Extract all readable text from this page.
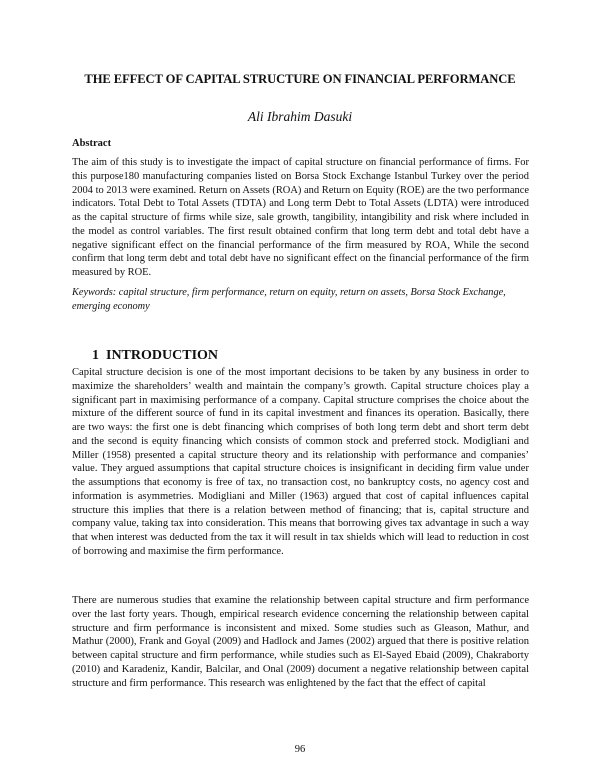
THE EFFECT OF CAPITAL STRUCTURE ON FINANCIAL PERFORMANCE
Ali Ibrahim Dasuki
Abstract

The aim of this study is to investigate the impact of capital structure on financial performance of firms. For this purpose180 manufacturing companies listed on Borsa Stock Exchange Istanbul Turkey over the period 2004 to 2013 were examined. Return on Assets (ROA) and Return on Equity (ROE) are the two performance indicators. Total Debt to Total Assets (TDTA) and Long term Debt to Total Assets (LDTA) were introduced as the capital structure of firms while size, sale growth, tangibility, intangibility and risk where included in the model as control variables. The first result obtained confirm that long term debt and total debt have a negative significant effect on the financial performance of the firm measured by ROA, While the second confirm that long term debt and total debt have no significant effect on the financial performance of the firm measured by ROE.

Keywords: capital structure, firm performance, return on equity, return on assets, Borsa Stock Exchange, emerging economy
1 INTRODUCTION

Capital structure decision is one of the most important decisions to be taken by any business in order to maximize the shareholders’ wealth and maintain the company’s growth. Capital structure choices play a significant part in maximising performance of a company. Capital structure comprises the choice about the mixture of the different source of fund in its capital investment and finances its operation. Basically, there are two ways: the first one is debt financing which comprises of both long term debt and short term debt and the second is equity financing which consists of common stock and preferred stock. Modigliani and Miller (1958) presented a capital structure theory and its relationship with performance and companies’ value. They argued assumptions that capital structure choices is insignificant in deciding firm value under the assumptions that economy is free of tax, no transaction cost, no bankruptcy costs, no agency cost and information is asymmetries. Modigliani and Miller (1963) argued that cost of capital influences capital structure this implies that there is a relation between method of financing; that is, capital structure and company value, taking tax into consideration. This means that borrowing gives tax advantage in such a way that when interest was deducted from the tax it will result in tax shields which will lead to reduction in cost of borrowing and maximise the firm performance.

There are numerous studies that examine the relationship between capital structure and firm performance over the last forty years. Though, empirical research evidence concerning the relationship between capital structure and firm performance is inconsistent and mixed. Some studies such as Gleason, Mathur, and Mathur (2000), Frank and Goyal (2009) and Hadlock and James (2002) argued that there is positive relation between capital structure and firm performance, while studies such as El-Sayed Ebaid (2009), Chakraborty (2010) and Karadeniz, Kandir, Balcilar, and Onal (2009) document a negative relationship between capital structure and firm performance. This research was enlightened by the fact that the effect of capital

96
